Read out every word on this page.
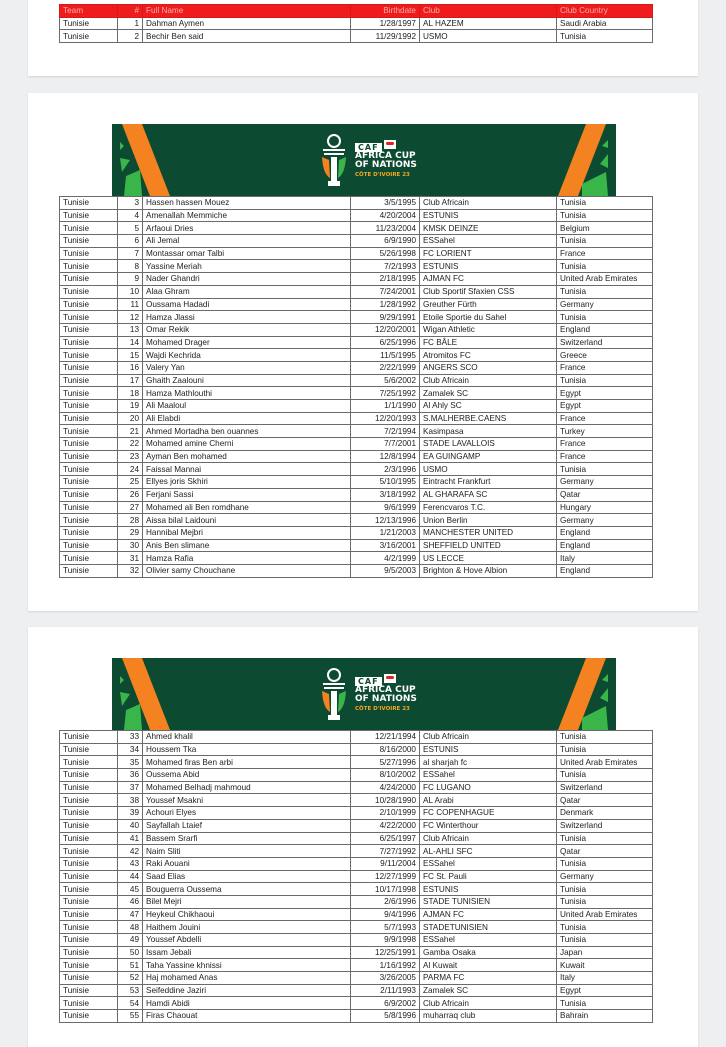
Team	#	Full Name	Birthdate	Club	Club Country
Tunisie	1	Dahman Aymen	1/28/1997	AL HAZEM	Saudi Arabia
Tunisie	2	Bechir Ben said	11/29/1992	USMO	Tunisia
CAF
AFRICA CUP
OF NATIONS
CÔTE D'IVOIRE 23
Tunisie	3	Hassen hassen Mouez	3/5/1995	Club Africain	Tunisia
Tunisie	4	Amenallah Memmiche	4/20/2004	ESTUNIS	Tunisia
Tunisie	5	Arfaoui Dries	11/23/2004	KMSK DEINZE	Belgium
Tunisie	6	Ali Jemal	6/9/1990	ESSahel	Tunisia
Tunisie	7	Montassar omar Talbi	5/26/1998	FC LORIENT	France
Tunisie	8	Yassine Meriah	7/2/1993	ESTUNIS	Tunisia
Tunisie	9	Nader Ghandri	2/18/1995	AJMAN FC	United Arab Emirates
Tunisie	10	Alaa Ghram	7/24/2001	Club Sportif Sfaxien CSS	Tunisia
Tunisie	11	Oussama Hadadi	1/28/1992	Greuther Fürth	Germany
Tunisie	12	Hamza Jlassi	9/29/1991	Etoile Sportie du Sahel	Tunisia
Tunisie	13	Omar Rekik	12/20/2001	Wigan Athletic	England
Tunisie	14	Mohamed Drager	6/25/1996	FC BÂLE	Switzerland
Tunisie	15	Wajdi Kechrida	11/5/1995	Atromitos FC	Greece
Tunisie	16	Valery Yan	2/22/1999	ANGERS SCO	France
Tunisie	17	Ghaith Zaalouni	5/6/2002	Club Africain	Tunisia
Tunisie	18	Hamza Mathlouthi	7/25/1992	Zamalek SC	Egypt
Tunisie	19	Ali Maaloul	1/1/1990	Al Ahly SC	Egypt
Tunisie	20	Ali Elabdi	12/20/1993	S.MALHERBE.CAENS	France
Tunisie	21	Ahmed Mortadha ben ouannes	7/2/1994	Kasimpasa	Turkey
Tunisie	22	Mohamed amine Cherni	7/7/2001	STADE LAVALLOIS	France
Tunisie	23	Ayman Ben mohamed	12/8/1994	EA GUINGAMP	France
Tunisie	24	Faissal Mannai	2/3/1996	USMO	Tunisia
Tunisie	25	Ellyes joris Skhiri	5/10/1995	Eintracht Frankfurt	Germany
Tunisie	26	Ferjani Sassi	3/18/1992	AL GHARAFA SC	Qatar
Tunisie	27	Mohamed ali Ben romdhane	9/6/1999	Ferencvaros T.C.	Hungary
Tunisie	28	Aissa bilal Laidouni	12/13/1996	Union Berlin	Germany
Tunisie	29	Hannibal Mejbri	1/21/2003	MANCHESTER UNITED	England
Tunisie	30	Anis Ben slimane	3/16/2001	SHEFFIELD UNITED	England
Tunisie	31	Hamza Rafia	4/2/1999	US LECCE	Italy
Tunisie	32	Olivier samy Chouchane	9/5/2003	Brighton & Hove Albion	England
CAF
AFRICA CUP
OF NATIONS
CÔTE D'IVOIRE 23
Tunisie	33	Ahmed khalil	12/21/1994	Club Africain	Tunisia
Tunisie	34	Houssem Tka	8/16/2000	ESTUNIS	Tunisia
Tunisie	35	Mohamed firas Ben arbi	5/27/1996	al sharjah fc	United Arab Emirates
Tunisie	36	Oussema Abid	8/10/2002	ESSahel	Tunisia
Tunisie	37	Mohamed Belhadj mahmoud	4/24/2000	FC LUGANO	Switzerland
Tunisie	38	Youssef Msakni	10/28/1990	AL Arabi	Qatar
Tunisie	39	Achouri Elyes	2/10/1999	FC COPENHAGUE	Denmark
Tunisie	40	Sayfallah Ltaief	4/22/2000	FC Winterthour	Switzerland
Tunisie	41	Bassem Srarfi	6/25/1997	Club Africain	Tunisia
Tunisie	42	Naim Sliti	7/27/1992	AL-AHLI SFC	Qatar
Tunisie	43	Raki Aouani	9/11/2004	ESSahel	Tunisia
Tunisie	44	Saad Elias	12/27/1999	FC St. Pauli	Germany
Tunisie	45	Bouguerra Oussema	10/17/1998	ESTUNIS	Tunisia
Tunisie	46	Bilel Mejri	2/6/1996	STADE TUNISIEN	Tunisia
Tunisie	47	Heykeul Chikhaoui	9/4/1996	AJMAN FC	United Arab Emirates
Tunisie	48	Haithem Jouini	5/7/1993	STADETUNISIEN	Tunisia
Tunisie	49	Youssef Abdelli	9/9/1998	ESSahel	Tunisia
Tunisie	50	Issam Jebali	12/25/1991	Gamba Osaka	Japan
Tunisie	51	Taha Yassine khnissi	1/16/1992	Al Kuwait	Kuwait
Tunisie	52	Haj mohamed Anas	3/26/2005	PARMA FC	Italy
Tunisie	53	Seifeddine Jaziri	2/11/1993	Zamalek SC	Egypt
Tunisie	54	Hamdi Abidi	6/9/2002	Club Africain	Tunisia
Tunisie	55	Firas Chaouat	5/8/1996	muharraq club	Bahrain
